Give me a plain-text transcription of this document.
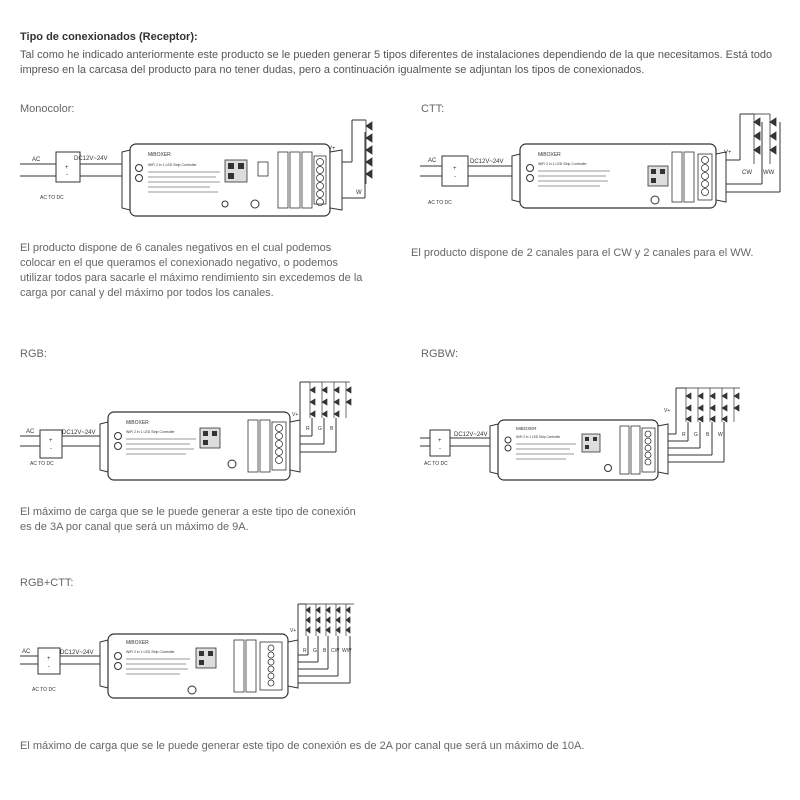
Tipo de conexionados (Receptor):
Tal como he indicado anteriormente este producto se le pueden generar 5 tipos diferentes de instalaciones dependiendo de la que necesitamos. Está todo impreso en la carcasa del producto para no tener dudas, pero a continuación igualmente se adjuntan los tipos de conexionados.
Monocolor:
AC
+
-
AC TO DC
DC12V~24V
MiBOXER
WiFi 2 in 1 LED Strip Controller
V+
W
El producto dispone de 6 canales negativos en el cual podemos colocar en el que queramos el conexionado negativo, o podemos utilizar todos para sacarle el máximo rendimiento sin excedemos de la carga por canal y del máximo por todos los canales.
CTT:
AC
+
-
AC TO DC
DC12V~24V
MiBOXER
WiFi 2 in 1 LED Strip Controller
V+
CW WW
El producto dispone de 2 canales para el CW y 2 canales para el WW.
RGB:
AC
+
-
AC TO DC
DC12V~24V
MiBOXER
WiFi 2 in 1 LED Strip Controller
V+
R G B
El máximo de carga que se le puede generar a este tipo de conexión es de 3A por canal que será un máximo de 9A.
RGBW:
+
-
AC TO DC
DC12V~24V
MiBOXER
WiFi 2 in 1 LED Strip Controller
V+
R G B W
RGB+CTT:
AC
+
-
AC TO DC
DC12V~24V
MiBOXER
WiFi 2 in 1 LED Strip Controller
V+
R G B CW WW
El máximo de carga que se le puede generar este tipo de conexión es de 2A por canal que será un máximo de 10A.
